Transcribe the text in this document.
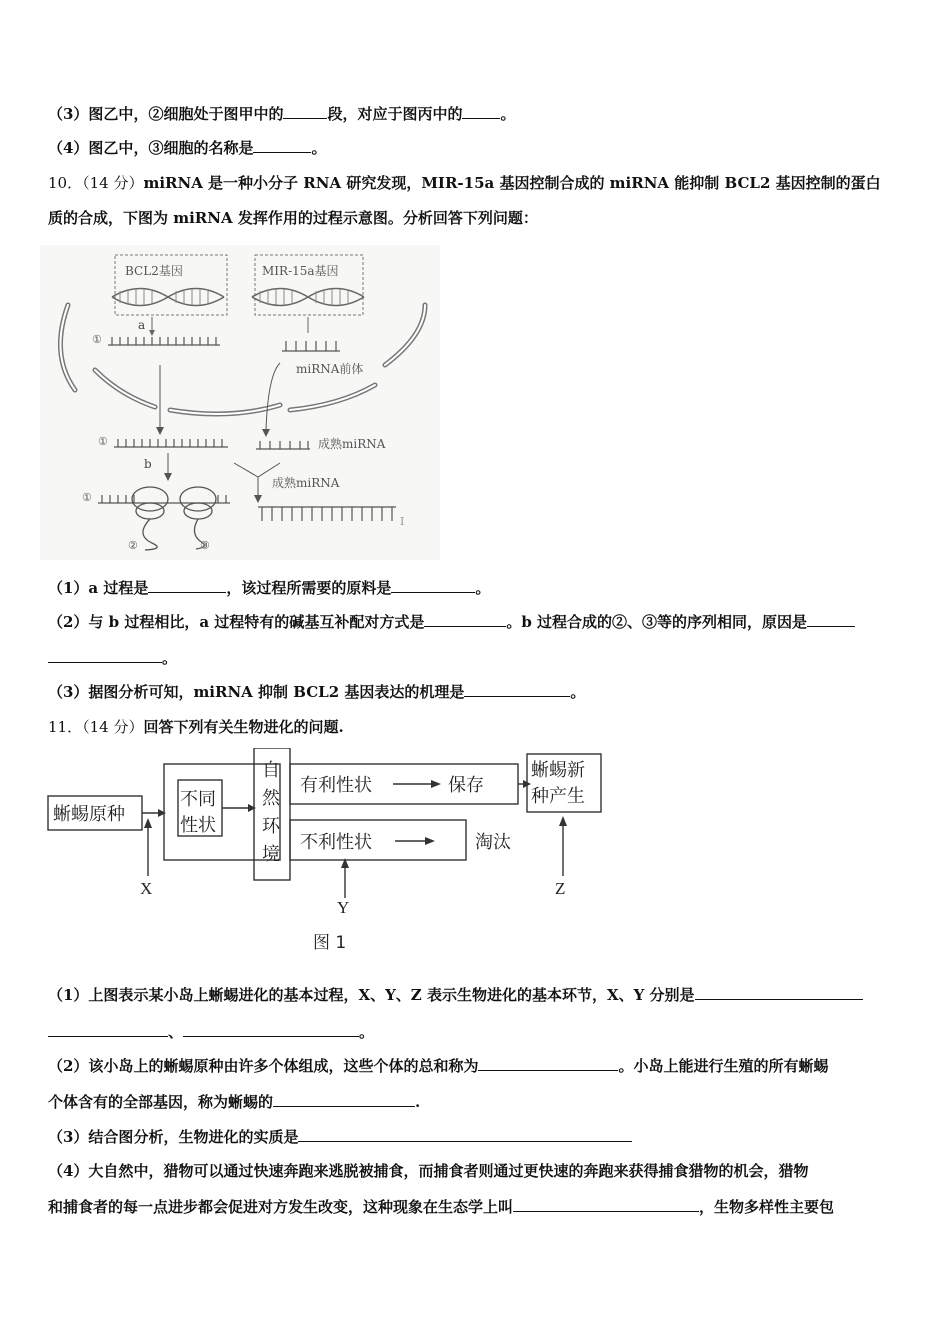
（3）图乙中，②细胞处于图甲中的	段，对应于图丙中的	。
（4）图乙中，③细胞的名称是	。
10．（14 分）miRNA 是一种小分子 RNA 研究发现，MIR-15a 基因控制合成的 miRNA 能抑制 BCL2 基因控制的蛋白
质的合成，下图为 miRNA 发挥作用的过程示意图。分析回答下列问题：
BCL2基因	MIR-15a基因
a
①
miRNA前体
①	成熟miRNA
b
成熟miRNA
①
I
②	③
（1）a 过程是	，该过程所需要的原料是	。
（2）与 b 过程相比，a 过程特有的碱基互补配对方式是	。b 过程合成的②、③等的序列相同，原因是
。
（3）据图分析可知，miRNA 抑制 BCL2 基因表达的机理是	。
11．（14 分）回答下列有关生物进化的问题.
蜥蜴原种
不同
性状
自
然
环
境
有利性状	保存
不利性状	淘汰
蜥蜴新
种产生
X
Y
Z
图 1
（1）上图表示某小岛上蜥蜴进化的基本过程，X、Y、Z 表示生物进化的基本环节，X、Y 分别是
、	。
（2）该小岛上的蜥蜴原种由许多个体组成，这些个体的总和称为	。小岛上能进行生殖的所有蜥蜴
个体含有的全部基因，称为蜥蜴的	.
（3）结合图分析，生物进化的实质是
（4）大自然中，猎物可以通过快速奔跑来逃脱被捕食，而捕食者则通过更快速的奔跑来获得捕食猎物的机会，猎物
和捕食者的每一点进步都会促进对方发生改变，这种现象在生态学上叫	，生物多样性主要包
